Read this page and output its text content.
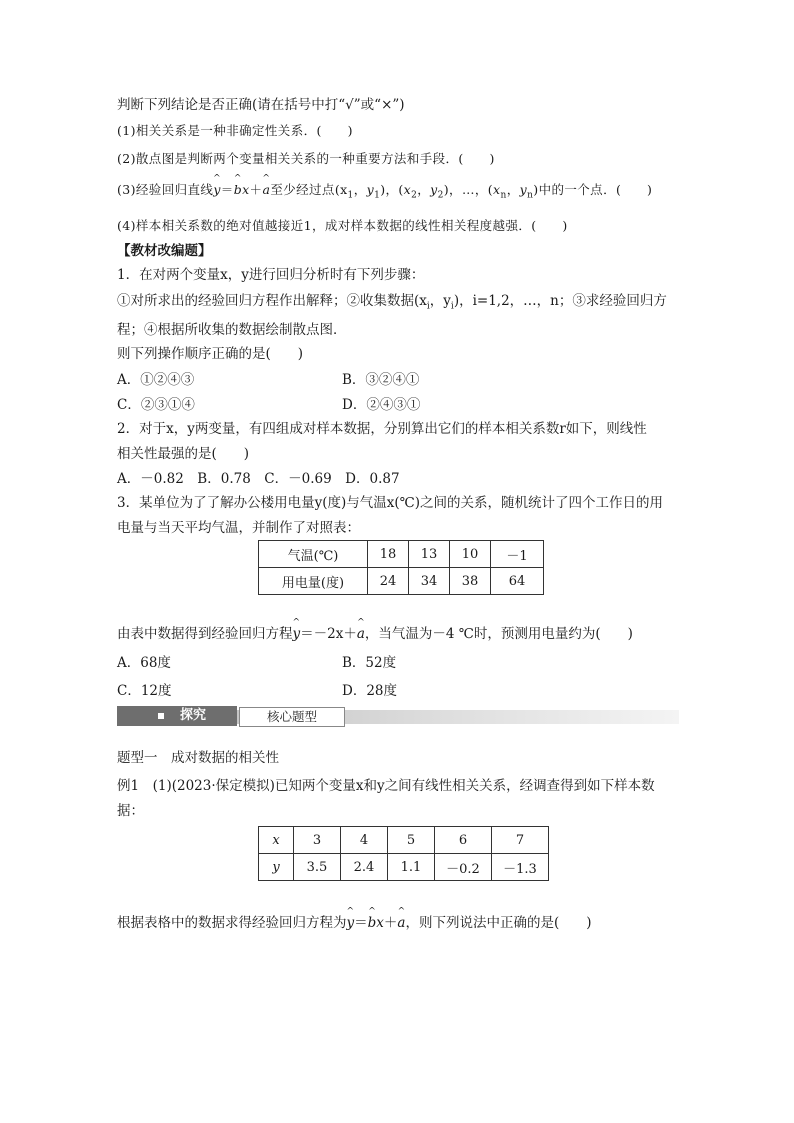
判断下列结论是否正确(请在括号中打“√”或“×”)
(1)相关关系是一种非确定性关系．(　　)
(2)散点图是判断两个变量相关关系的一种重要方法和手段．(　　)
(3)经验回归直线^ y＝^ bx＋^ a至少经过点($x_1$，$y_1$)，($x_2$，$y_2$)，…，($x_n$，$y_n$)中的一个点．(　　)
(4)样本相关系数的绝对值越接近1，成对样本数据的线性相关程度越强．(　　)
【教材改编题】
1．在对两个变量x，y进行回归分析时有下列步骤：
①对所求出的经验回归方程作出解释；②收集数据($x_i$，$y_i$)，i=1,2，…，n；③求经验回归方
程；④根据所收集的数据绘制散点图．
则下列操作顺序正确的是(　　)
A．①②④③	B．③②④①
C．②③①④	D．②④③①
2．对于x，y两变量，有四组成对样本数据，分别算出它们的样本相关系数r如下，则线性
相关性最强的是(　　)
A．－0.82　B．0.78　C．－0.69　D．0.87
3．某单位为了了解办公楼用电量y(度)与气温x(℃)之间的关系，随机统计了四个工作日的用
电量与当天平均气温，并制作了对照表：
气温(℃)	18	13	10	－1
用电量(度)	24	34	38	64
由表中数据得到经验回归方程^ y＝－2x＋^ a，当气温为－4 ℃时，预测用电量约为(　　)
A．68度	B．52度
C．12度	D．28度
探究	核心题型
题型一　成对数据的相关性
例1　(1)(2023·保定模拟)已知两个变量x和y之间有线性相关关系，经调查得到如下样本数
据：
x	3	4	5	6	7
y	3.5	2.4	1.1	－0.2	－1.3
根据表格中的数据求得经验回归方程为^ y＝^ bx＋^ a，则下列说法中正确的是(　　)
